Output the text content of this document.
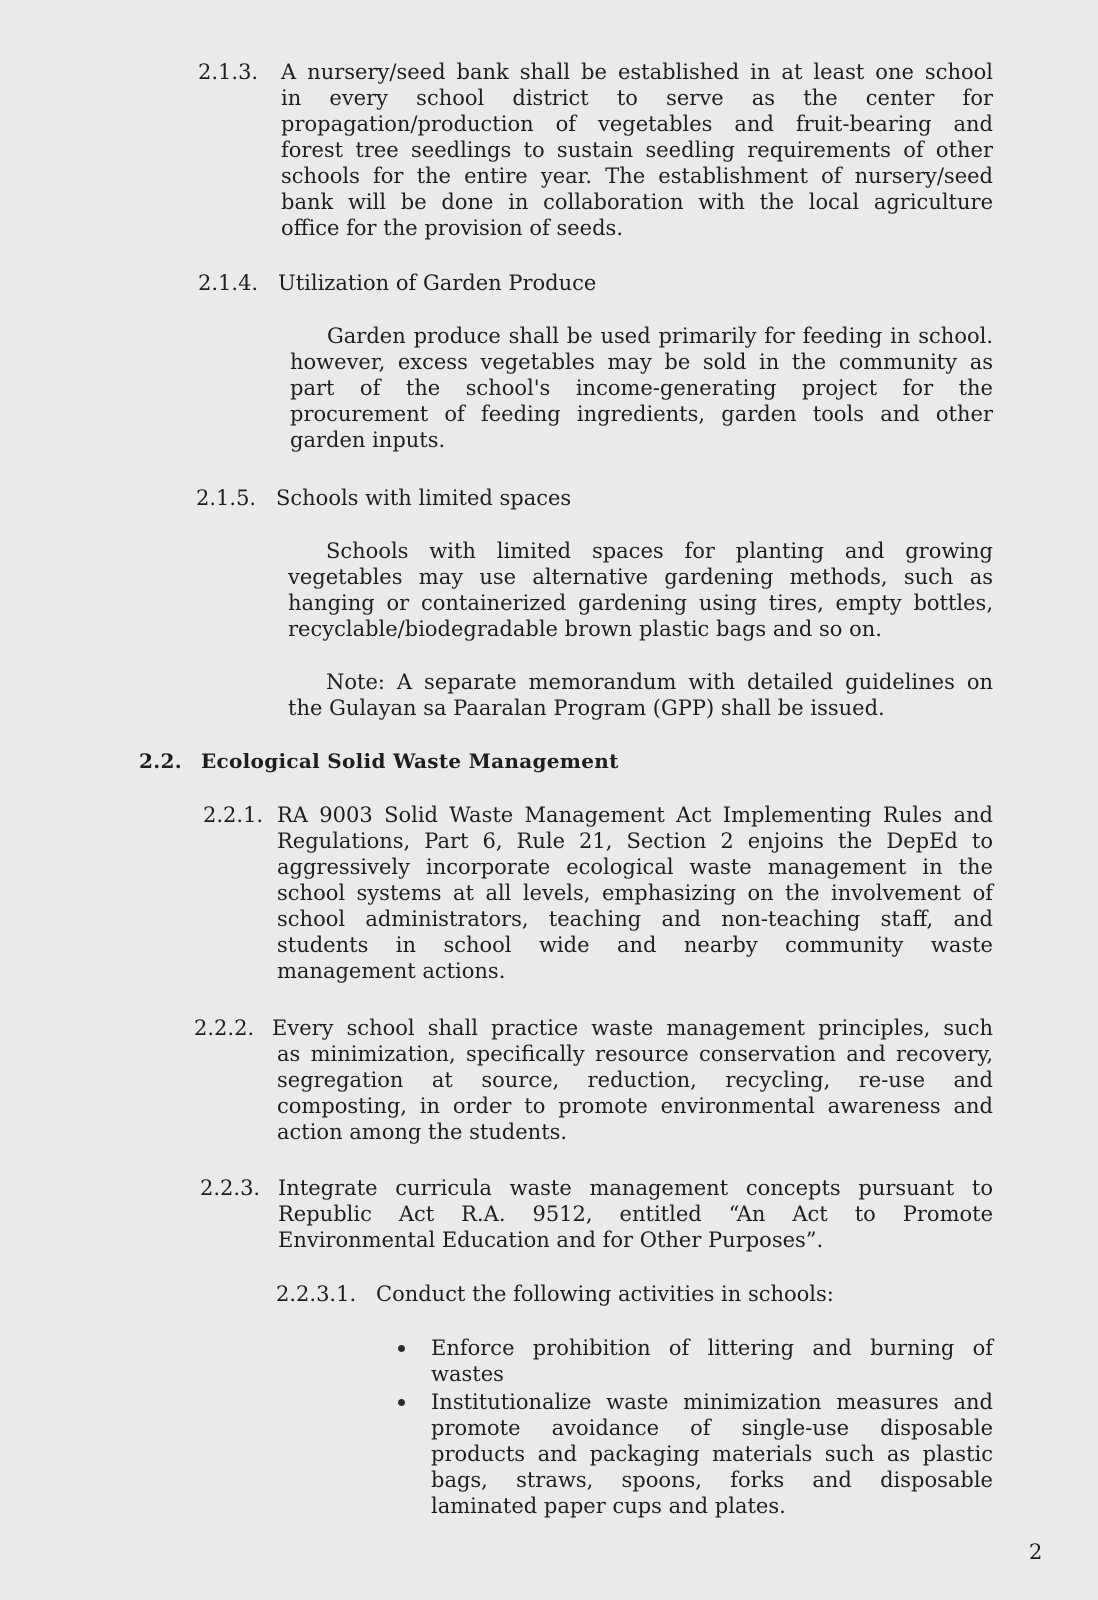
2.1.3. A nursery/seed bank shall be established in at least one school
in every school district to serve as the center for
propagation/production of vegetables and fruit-bearing and
forest tree seedlings to sustain seedling requirements of other
schools for the entire year. The establishment of nursery/seed
bank will be done in collaboration with the local agriculture
office for the provision of seeds.
2.1.4. Utilization of Garden Produce
Garden produce shall be used primarily for feeding in school.
however, excess vegetables may be sold in the community as
part of the school's income-generating project for the
procurement of feeding ingredients, garden tools and other
garden inputs.
2.1.5. Schools with limited spaces
Schools with limited spaces for planting and growing
vegetables may use alternative gardening methods, such as
hanging or containerized gardening using tires, empty bottles,
recyclable/biodegradable brown plastic bags and so on.
Note: A separate memorandum with detailed guidelines on
the Gulayan sa Paaralan Program (GPP) shall be issued.
2.2. Ecological Solid Waste Management
2.2.1. RA 9003 Solid Waste Management Act Implementing Rules and
Regulations, Part 6, Rule 21, Section 2 enjoins the DepEd to
aggressively incorporate ecological waste management in the
school systems at all levels, emphasizing on the involvement of
school administrators, teaching and non-teaching staff, and
students in school wide and nearby community waste
management actions.
2.2.2. Every school shall practice waste management principles, such
as minimization, specifically resource conservation and recovery,
segregation at source, reduction, recycling, re-use and
composting, in order to promote environmental awareness and
action among the students.
2.2.3. Integrate curricula waste management concepts pursuant to
Republic Act R.A. 9512, entitled “An Act to Promote
Environmental Education and for Other Purposes”.
2.2.3.1. Conduct the following activities in schools:
Enforce prohibition of littering and burning of
wastes
Institutionalize waste minimization measures and
promote avoidance of single-use disposable
products and packaging materials such as plastic
bags, straws, spoons, forks and disposable
laminated paper cups and plates.
2
